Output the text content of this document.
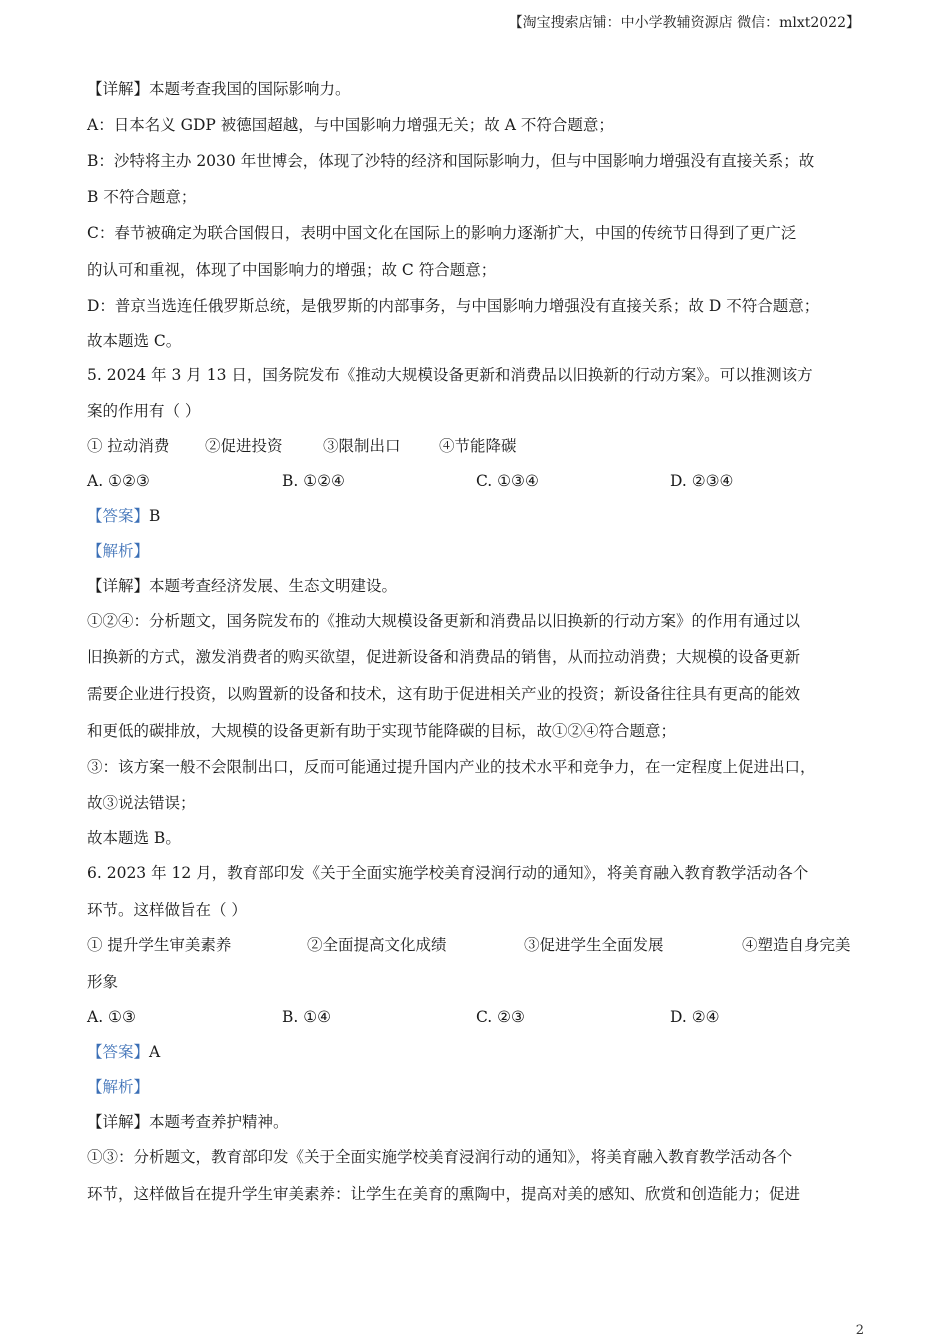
【淘宝搜索店铺：中小学教辅资源店 微信：mlxt2022】
【详解】本题考查我国的国际影响力。
A：日本名义 GDP 被德国超越，与中国影响力增强无关；故 A 不符合题意；
B：沙特将主办 2030 年世博会，体现了沙特的经济和国际影响力，但与中国影响力增强没有直接关系；故
B 不符合题意；
C：春节被确定为联合国假日，表明中国文化在国际上的影响力逐渐扩大，中国的传统节日得到了更广泛
的认可和重视，体现了中国影响力的增强；故 C 符合题意；
D：普京当选连任俄罗斯总统，是俄罗斯的内部事务，与中国影响力增强没有直接关系；故 D 不符合题意；
故本题选 C。
5. 2024 年 3 月 13 日，国务院发布《推动大规模设备更新和消费品以旧换新的行动方案》。可以推测该方
案的作用有（ ）
① 拉动消费 ②促进投资	③限制出口 ④节能降碳
A. ①②③	B. ①②④	C. ①③④	D. ②③④
【答案】B
【解析】
【详解】本题考查经济发展、生态文明建设。
①②④：分析题文，国务院发布的《推动大规模设备更新和消费品以旧换新的行动方案》的作用有通过以
旧换新的方式，激发消费者的购买欲望，促进新设备和消费品的销售，从而拉动消费；大规模的设备更新
需要企业进行投资，以购置新的设备和技术，这有助于促进相关产业的投资；新设备往往具有更高的能效
和更低的碳排放，大规模的设备更新有助于实现节能降碳的目标，故①②④符合题意；
③：该方案一般不会限制出口，反而可能通过提升国内产业的技术水平和竞争力，在一定程度上促进出口，
故③说法错误；
故本题选 B。
6. 2023 年 12 月，教育部印发《关于全面实施学校美育浸润行动的通知》，将美育融入教育教学活动各个
环节。这样做旨在（ ）
① 提升学生审美素养	②全面提高文化成绩	③促进学生全面发展	④塑造自身完美
形象
A. ①③	B. ①④	C. ②③	D. ②④
【答案】A
【解析】
【详解】本题考查养护精神。
①③：分析题文，教育部印发《关于全面实施学校美育浸润行动的通知》，将美育融入教育教学活动各个
环节，这样做旨在提升学生审美素养：让学生在美育的熏陶中，提高对美的感知、欣赏和创造能力；促进
2
